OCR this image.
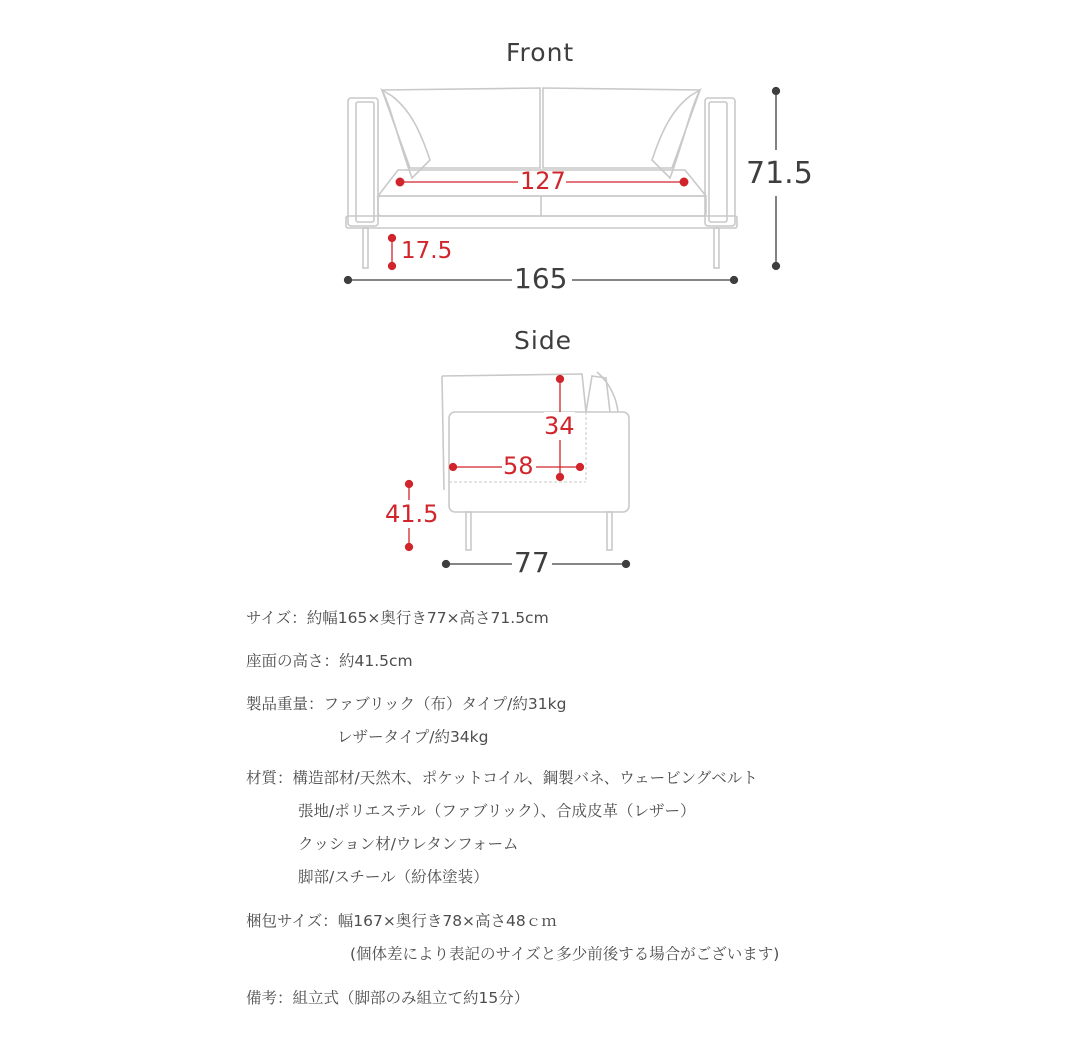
Front
Side
165
71.5
127
17.5
77
34
58
41.5
サイズ：約幅165×奥行き77×高さ71.5cm
座面の高さ：約41.5cm
製品重量：ファブリック（布）タイプ/約31kg
レザータイプ/約34kg
材質：構造部材/天然木、ポケットコイル、鋼製バネ、ウェービングベルト
張地/ポリエステル（ファブリック）、合成皮革（レザー）
クッション材/ウレタンフォーム
脚部/スチール（紛体塗装）
梱包サイズ：幅167×奥行き78×高さ48ｃｍ
(個体差により表記のサイズと多少前後する場合がございます)
備考：組立式（脚部のみ組立て約15分）
